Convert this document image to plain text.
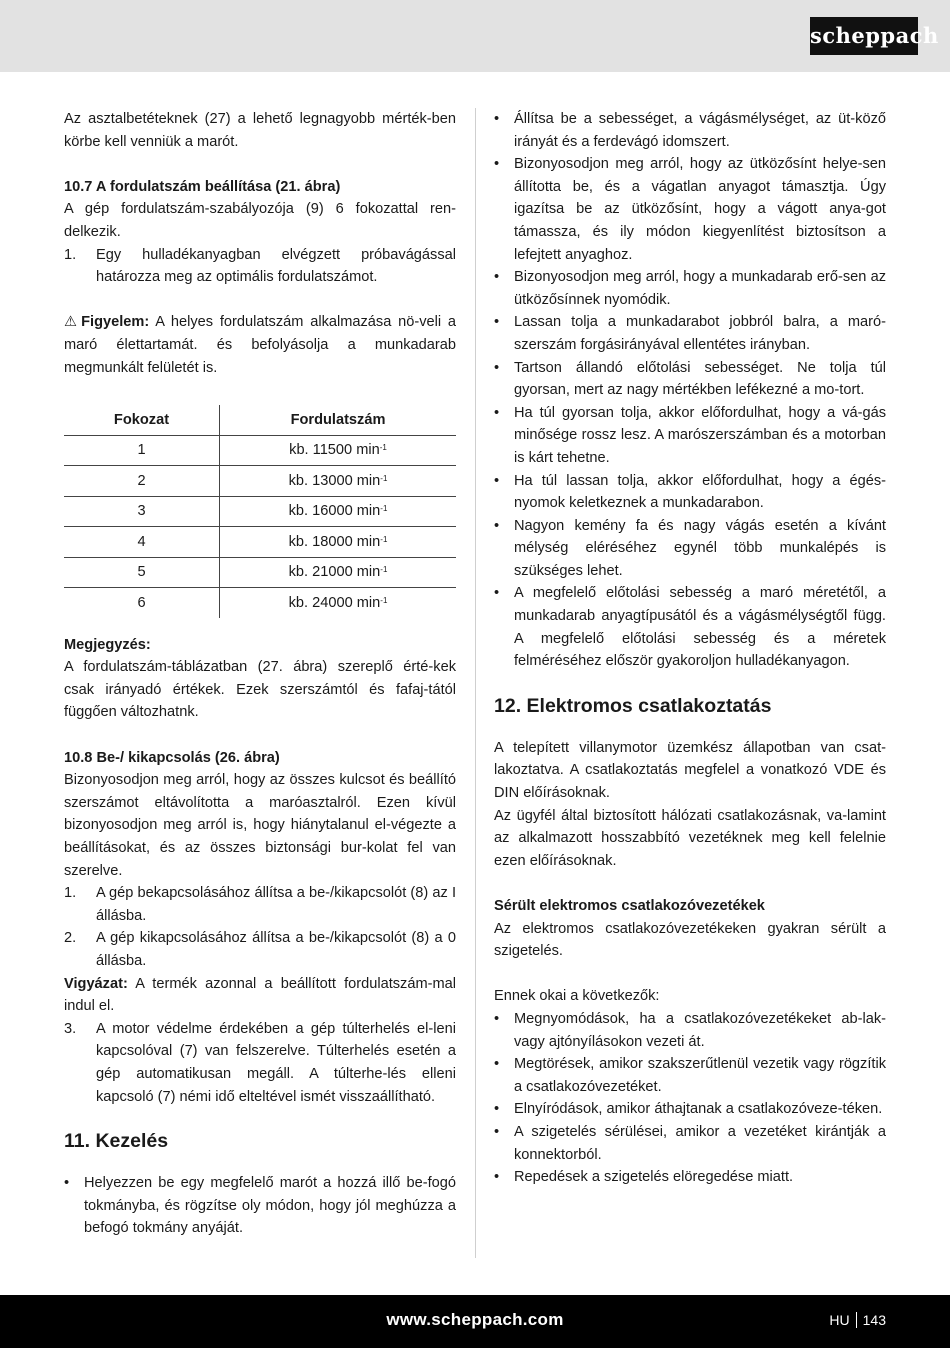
scheppach

Az asztalbetéteknek (27) a lehető legnagyobb mérték-ben körbe kell venniük a marót.

10.7 A fordulatszám beállítása (21. ábra)

A gép fordulatszám-szabályozója (9) 6 fokozattal ren-delkezik.

1.	Egy hulladékanyagban elvégzett próbavágással határozza meg az optimális fordulatszámot.

⚠ Figyelem: A helyes fordulatszám alkalmazása nö-veli a maró élettartamát. és befolyásolja a munkadarab megmunkált felületét is.

Fokozat	Fordulatszám
1	kb. 11500 $\min^{-1}$
2	kb. 13000 $\min^{-1}$
3	kb. 16000 $\min^{-1}$
4	kb. 18000 $\min^{-1}$
5	kb. 21000 $\min^{-1}$
6	kb. 24000 $\min^{-1}$

Megjegyzés:

A fordulatszám-táblázatban (27. ábra) szereplő érté-kek csak irányadó értékek. Ezek szerszámtól és fafaj-tától függően változhatnk.

10.8 Be-/ kikapcsolás (26. ábra)

Bizonyosodjon meg arról, hogy az összes kulcsot és beállító szerszámot eltávolította a maróasztalról. Ezen kívül bizonyosodjon meg arról is, hogy hiánytalanul el-végezte a beállításokat, és az összes biztonsági bur-kolat fel van szerelve.

1.	A gép bekapcsolásához állítsa a be-/kikapcsolót (8) az I állásba.
2.	A gép kikapcsolásához állítsa a be-/kikapcsolót (8) a 0 állásba.

Vigyázat: A termék azonnal a beállított fordulatszám-mal indul el.

3.	A motor védelme érdekében a gép túlterhelés el-leni kapcsolóval (7) van felszerelve. Túlterhelés esetén a gép automatikusan megáll. A túlterhe-lés elleni kapcsoló (7) némi idő elteltével ismét visszaállítható.

11. Kezelés

• Helyezzen be egy megfelelő marót a hozzá illő be-fogó tokmányba, és rögzítse oly módon, hogy jól meghúzza a befogó tokmány anyáját.
• Állítsa be a sebességet, a vágásmélységet, az üt-köző irányát és a ferdevágó idomszert.
• Bizonyosodjon meg arról, hogy az ütközősínt helye-sen állította be, és a vágatlan anyagot támasztja. Úgy igazítsa be az ütközősínt, hogy a vágott anya-got támassza, és ily módon kiegyenlítést biztosítson a lefejtett anyaghoz.
• Bizonyosodjon meg arról, hogy a munkadarab erő-sen az ütközősínnek nyomódik.
• Lassan tolja a munkadarabot jobbról balra, a maró-szerszám forgásirányával ellentétes irányban.
• Tartson állandó előtolási sebességet. Ne tolja túl gyorsan, mert az nagy mértékben lefékezné a mo-tort.
• Ha túl gyorsan tolja, akkor előfordulhat, hogy a vá-gás minősége rossz lesz. A marószerszámban és a motorban is kárt tehetne.
• Ha túl lassan tolja, akkor előfordulhat, hogy a égés-nyomok keletkeznek a munkadarabon.
• Nagyon kemény fa és nagy vágás esetén a kívánt mélység eléréséhez egynél több munkalépés is szükséges lehet.
• A megfelelő előtolási sebesség a maró méretétől, a munkadarab anyagtípusától és a vágásmélységtől függ. A megfelelő előtolási sebesség és a méretek felméréséhez először gyakoroljon hulladékanyagon.

12. Elektromos csatlakoztatás

A telepített villanymotor üzemkész állapotban van csat-lakoztatva. A csatlakoztatás megfelel a vonatkozó VDE és DIN előírásoknak.

Az ügyfél által biztosított hálózati csatlakozásnak, va-lamint az alkalmazott hosszabbító vezetéknek meg kell felelnie ezen előírásoknak.

Sérült elektromos csatlakozóvezetékek

Az elektromos csatlakozóvezetékeken gyakran sérült a szigetelés.

Ennek okai a következők:

• Megnyomódások, ha a csatlakozóvezetékeket ab-lak- vagy ajtónyílásokon vezeti át.
• Megtörések, amikor szakszerűtlenül vezetik vagy rögzítik a csatlakozóvezetéket.
• Elnyíródások, amikor áthajtanak a csatlakozóveze-téken.
• A szigetelés sérülései, amikor a vezetéket kirántják a konnektorból.
• Repedések a szigetelés elöregedése miatt.
www.scheppach.com	HU 143
